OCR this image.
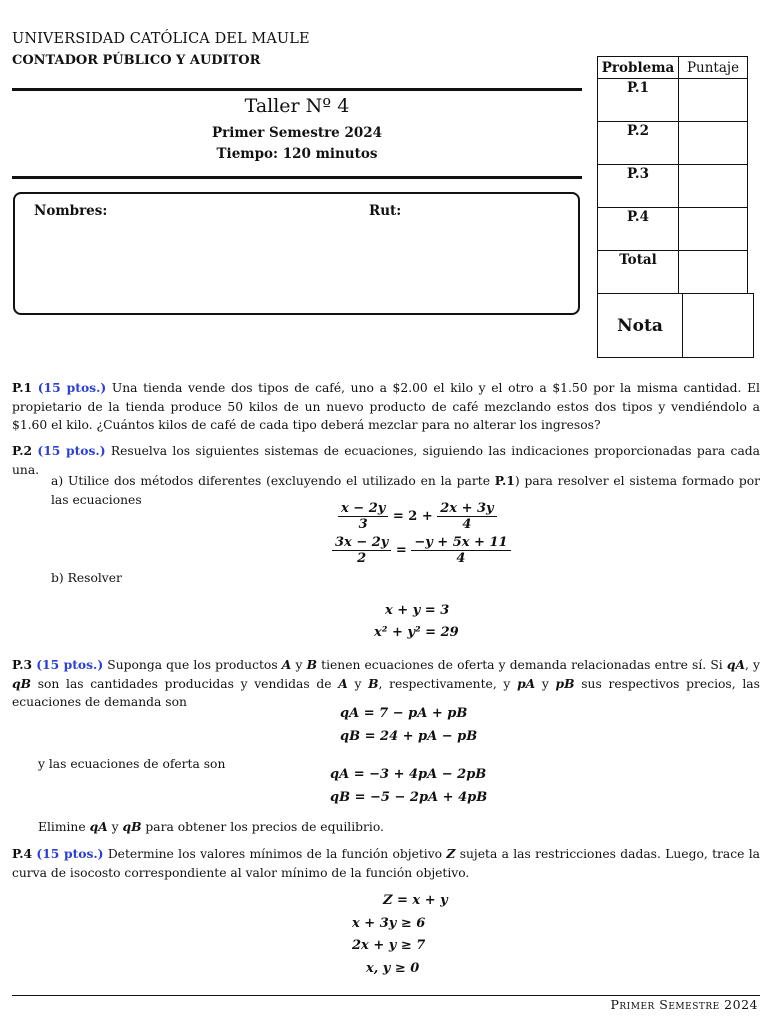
UNIVERSIDAD CATÓLICA DEL MAULE
CONTADOR PÚBLICO Y AUDITOR
Taller Nº 4
Primer Semestre 2024
Tiempo: 120 minutos
Nombres:	Rut:
Problema	Puntaje
P.1	
P.2	
P.3	
P.4	
Total	
Nota	
P.1 (15 ptos.) Una tienda vende dos tipos de café, uno a $2.00 el kilo y el otro a $1.50 por la misma cantidad. El propietario de la tienda produce 50 kilos de un nuevo producto de café mezclando estos dos tipos y vendiéndolo a $1.60 el kilo. ¿Cuántos kilos de café de cada tipo deberá mezclar para no alterar los ingresos?
P.2 (15 ptos.) Resuelva los siguientes sistemas de ecuaciones, siguiendo las indicaciones proporcionadas para cada una.
a) Utilice dos métodos diferentes (excluyendo el utilizado en la parte P.1) para resolver el sistema formado por las ecuaciones
$\frac{x - 2y}{3} = 2 + \frac{2x + 3y}{4}$
$\frac{3x - 2y}{2} = \frac{-y + 5x + 11}{4}$
b) Resolver
x + y = 3
x² + y² = 29
P.3 (15 ptos.) Suponga que los productos A y B tienen ecuaciones de oferta y demanda relacionadas entre sí. Si qA, y qB son las cantidades producidas y vendidas de A y B, respectivamente, y pA y pB sus respectivos precios, las ecuaciones de demanda son
qA = 7 − pA + pB
qB = 24 + pA − pB
y las ecuaciones de oferta son
qA = −3 + 4pA − 2pB
qB = −5 − 2pA + 4pB
Elimine qA y qB para obtener los precios de equilibrio.
P.4 (15 ptos.) Determine los valores mínimos de la función objetivo Z sujeta a las restricciones dadas. Luego, trace la curva de isocosto correspondiente al valor mínimo de la función objetivo.
Z = x + y
x + 3y ≥ 6
2x + y ≥ 7
x, y ≥ 0
Primer Semestre 2024
